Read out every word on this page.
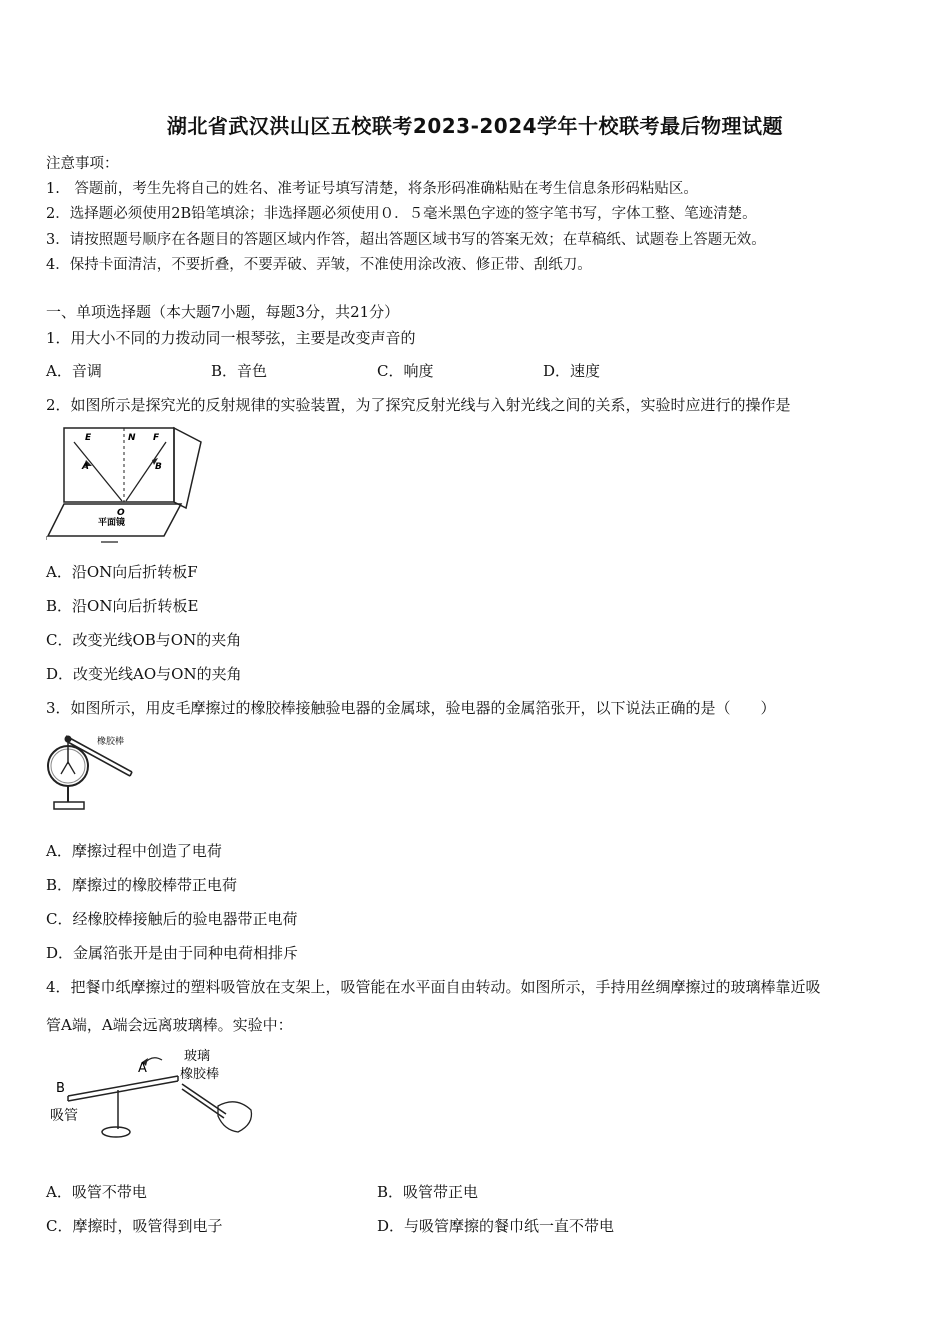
湖北省武汉洪山区五校联考2023-2024学年十校联考最后物理试题
注意事项：
1.　答题前，考生先将自己的姓名、准考证号填写清楚，将条形码准确粘贴在考生信息条形码粘贴区。
2．选择题必须使用2B铅笔填涂；非选择题必须使用０．５毫米黑色字迹的签字笔书写，字体工整、笔迹清楚。
3．请按照题号顺序在各题目的答题区域内作答，超出答题区域书写的答案无效；在草稿纸、试题卷上答题无效。
4．保持卡面清洁，不要折叠，不要弄破、弄皱，不准使用涂改液、修正带、刮纸刀。
一、单项选择题（本大题7小题，每题3分，共21分）
1．用大小不同的力拨动同一根琴弦，主要是改变声音的
A．音调	B．音色	C．响度	D．速度
2．如图所示是探究光的反射规律的实验装置，为了探究反射光线与入射光线之间的关系，实验时应进行的操作是
E	N F
A	B
O
平面镜
A．沿ON向后折转板F
B．沿ON向后折转板E
C．改变光线OB与ON的夹角
D．改变光线AO与ON的夹角
3．如图所示，用皮毛摩擦过的橡胶棒接触验电器的金属球，验电器的金属箔张开，以下说法正确的是（　　）
橡胶棒
A．摩擦过程中创造了电荷
B．摩擦过的橡胶棒带正电荷
C．经橡胶棒接触后的验电器带正电荷
D．金属箔张开是由于同种电荷相排斥
4．把餐巾纸摩擦过的塑料吸管放在支架上，吸管能在水平面自由转动。如图所示，手持用丝绸摩擦过的玻璃棒靠近吸
管A端，A端会远离玻璃棒。实验中：
B
A
吸管
玻璃
橡胶棒
A．吸管不带电	B．吸管带正电
C．摩擦时，吸管得到电子	D．与吸管摩擦的餐巾纸一直不带电
